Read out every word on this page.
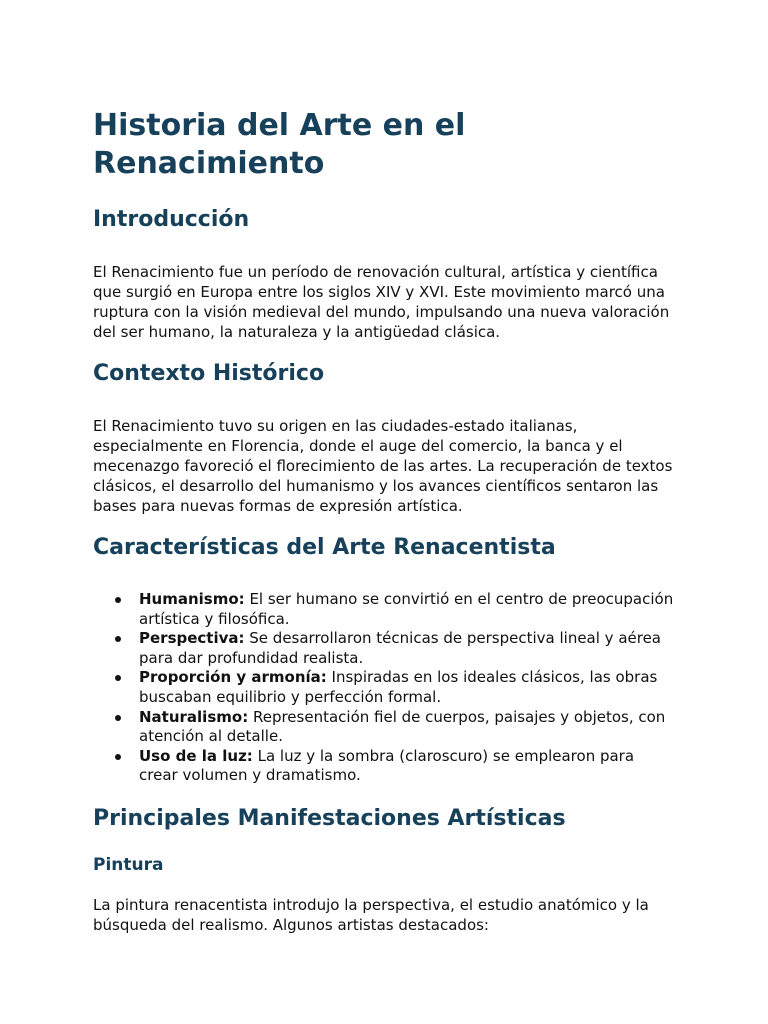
Historia del Arte en el Renacimiento
Introducción

El Renacimiento fue un período de renovación cultural, artística y científica que surgió en Europa entre los siglos XIV y XVI. Este movimiento marcó una ruptura con la visión medieval del mundo, impulsando una nueva valoración del ser humano, la naturaleza y la antigüedad clásica.

Contexto Histórico

El Renacimiento tuvo su origen en las ciudades-estado italianas, especialmente en Florencia, donde el auge del comercio, la banca y el mecenazgo favoreció el florecimiento de las artes. La recuperación de textos clásicos, el desarrollo del humanismo y los avances científicos sentaron las bases para nuevas formas de expresión artística.

Características del Arte Renacentista
Humanismo: El ser humano se convirtió en el centro de preocupación artística y filosófica.
Perspectiva: Se desarrollaron técnicas de perspectiva lineal y aérea para dar profundidad realista.
Proporción y armonía: Inspiradas en los ideales clásicos, las obras buscaban equilibrio y perfección formal.
Naturalismo: Representación fiel de cuerpos, paisajes y objetos, con atención al detalle.
Uso de la luz: La luz y la sombra (claroscuro) se emplearon para crear volumen y dramatismo.
Principales Manifestaciones Artísticas
Pintura

La pintura renacentista introdujo la perspectiva, el estudio anatómico y la búsqueda del realismo. Algunos artistas destacados:
